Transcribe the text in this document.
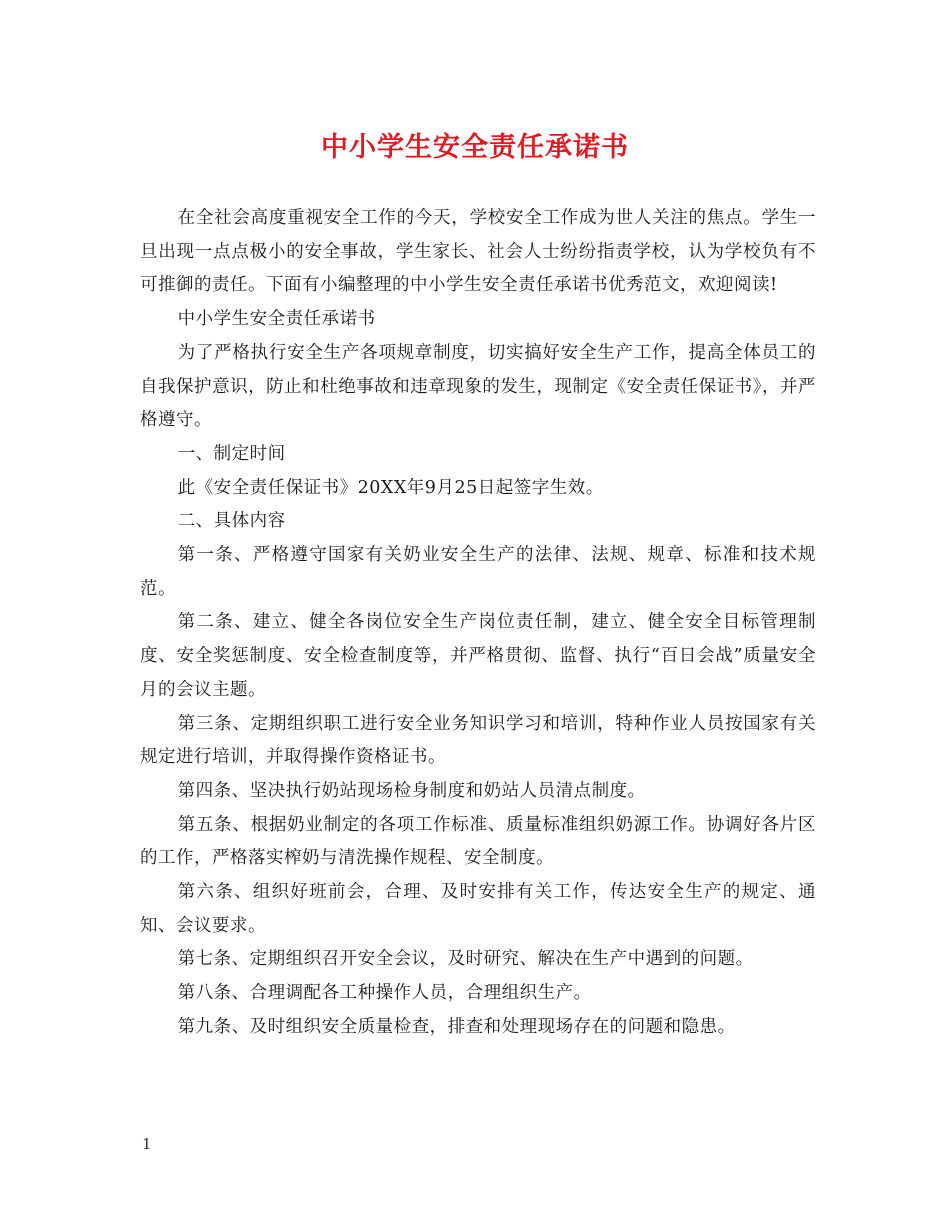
中小学生安全责任承诺书

在全社会高度重视安全工作的今天，学校安全工作成为世人关注的焦点。学生一旦出现一点点极小的安全事故，学生家长、社会人士纷纷指责学校，认为学校负有不可推御的责任。下面有小编整理的中小学生安全责任承诺书优秀范文，欢迎阅读!

中小学生安全责任承诺书

为了严格执行安全生产各项规章制度，切实搞好安全生产工作，提高全体员工的自我保护意识，防止和杜绝事故和违章现象的发生，现制定《安全责任保证书》，并严格遵守。

一、制定时间

此《安全责任保证书》20XX年9月25日起签字生效。

二、具体内容

第一条、严格遵守国家有关奶业安全生产的法律、法规、规章、标准和技术规范。

第二条、建立、健全各岗位安全生产岗位责任制，建立、健全安全目标管理制度、安全奖惩制度、安全检查制度等，并严格贯彻、监督、执行“百日会战”质量安全月的会议主题。

第三条、定期组织职工进行安全业务知识学习和培训，特种作业人员按国家有关规定进行培训，并取得操作资格证书。

第四条、坚决执行奶站现场检身制度和奶站人员清点制度。

第五条、根据奶业制定的各项工作标准、质量标准组织奶源工作。协调好各片区的工作，严格落实榨奶与清洗操作规程、安全制度。

第六条、组织好班前会，合理、及时安排有关工作，传达安全生产的规定、通知、会议要求。

第七条、定期组织召开安全会议，及时研究、解决在生产中遇到的问题。

第八条、合理调配各工种操作人员，合理组织生产。

第九条、及时组织安全质量检查，排查和处理现场存在的问题和隐患。

1
